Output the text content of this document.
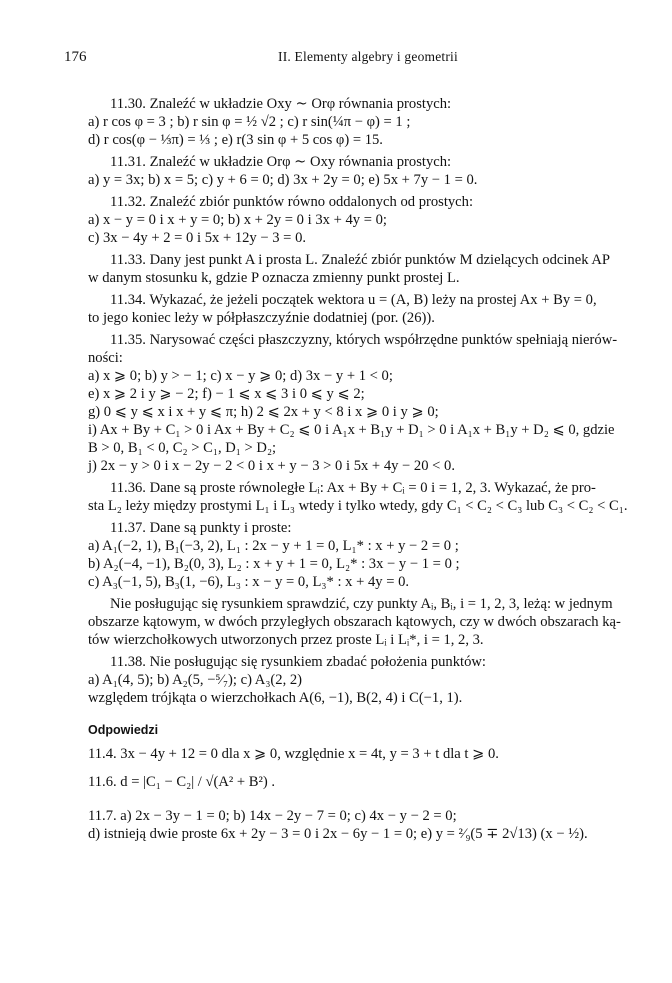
176	II. Elementy algebry i geometrii
11.30. Znaleźć w układzie Oxy ∼ Orφ równania prostych:
a) r cos φ = 3 ; b) r sin φ = ½ √2 ; c) r sin(¼π − φ) = 1 ;
d) r cos(φ − ⅓π) = ⅓ ; e) r(3 sin φ + 5 cos φ) = 15.
11.31. Znaleźć w układzie Orφ ∼ Oxy równania prostych:
a) y = 3x; b) x = 5; c) y + 6 = 0; d) 3x + 2y = 0; e) 5x + 7y − 1 = 0.
11.32. Znaleźć zbiór punktów równo oddalonych od prostych:
a) x − y = 0 i x + y = 0; b) x + 2y = 0 i 3x + 4y = 0;
c) 3x − 4y + 2 = 0 i 5x + 12y − 3 = 0.
11.33. Dany jest punkt A i prosta L. Znaleźć zbiór punktów M dzielących odcinek AP
w danym stosunku k, gdzie P oznacza zmienny punkt prostej L.
11.34. Wykazać, że jeżeli początek wektora u = (A, B) leży na prostej Ax + By = 0,
to jego koniec leży w półpłaszczyźnie dodatniej (por. (26)).
11.35. Narysować części płaszczyzny, których współrzędne punktów spełniają nierów-
ności:
a) x ⩾ 0; b) y > − 1; c) x − y ⩾ 0; d) 3x − y + 1 < 0;
e) x ⩾ 2 i y ⩾ − 2; f) − 1 ⩽ x ⩽ 3 i 0 ⩽ y ⩽ 2;
g) 0 ⩽ y ⩽ x i x + y ⩽ π; h) 2 ⩽ 2x + y < 8 i x ⩾ 0 i y ⩾ 0;
i) Ax + By + C₁ > 0 i Ax + By + C₂ ⩽ 0 i A₁x + B₁y + D₁ > 0 i A₁x + B₁y + D₂ ⩽ 0, gdzie
B > 0, B₁ < 0, C₂ > C₁, D₁ > D₂;
j) 2x − y > 0 i x − 2y − 2 < 0 i x + y − 3 > 0 i 5x + 4y − 20 < 0.
11.36. Dane są proste równoległe Lᵢ: Ax + By + Cᵢ = 0 i = 1, 2, 3. Wykazać, że pro-
sta L₂ leży między prostymi L₁ i L₃ wtedy i tylko wtedy, gdy C₁ < C₂ < C₃ lub C₃ < C₂ < C₁.
11.37. Dane są punkty i proste:
a) A₁(−2, 1), B₁(−3, 2), L₁ : 2x − y + 1 = 0, L₁* : x + y − 2 = 0 ;
b) A₂(−4, −1), B₂(0, 3), L₂ : x + y + 1 = 0, L₂* : 3x − y − 1 = 0 ;
c) A₃(−1, 5), B₃(1, −6), L₃ : x − y = 0, L₃* : x + 4y = 0.
Nie posługując się rysunkiem sprawdzić, czy punkty Aᵢ, Bᵢ, i = 1, 2, 3, leżą: w jednym
obszarze kątowym, w dwóch przyległych obszarach kątowych, czy w dwóch obszarach ką-
tów wierzchołkowych utworzonych przez proste Lᵢ i Lᵢ*, i = 1, 2, 3.
11.38. Nie posługując się rysunkiem zbadać położenia punktów:
a) A₁(4, 5); b) A₂(5, −⁵⁄₇); c) A₃(2, 2)
względem trójkąta o wierzchołkach A(6, −1), B(2, 4) i C(−1, 1).
Odpowiedzi
11.4. 3x − 4y + 12 = 0 dla x ⩾ 0, względnie x = 4t, y = 3 + t dla t ⩾ 0.
11.6. d = |C₁ − C₂| / √(A² + B²) .
11.7. a) 2x − 3y − 1 = 0; b) 14x − 2y − 7 = 0; c) 4x − y − 2 = 0;
d) istnieją dwie proste 6x + 2y − 3 = 0 i 2x − 6y − 1 = 0; e) y = ²⁄₉(5 ∓ 2√13) (x − ½).
